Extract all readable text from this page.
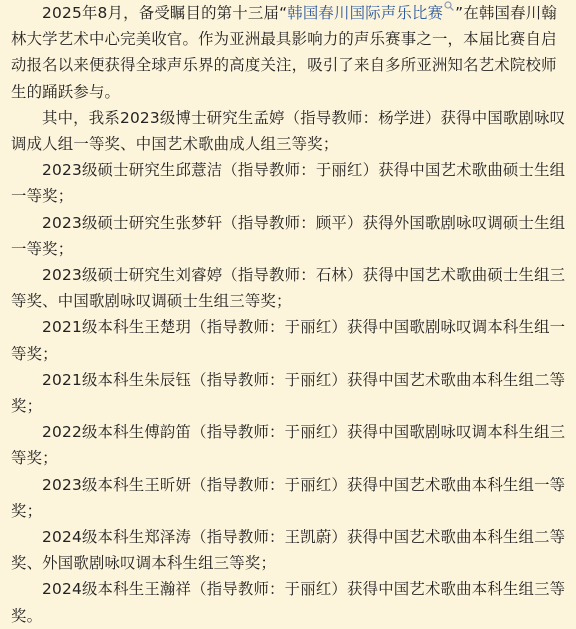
2025年8月，备受瞩目的第十三届“韩国春川国际声乐比赛 ”在韩国春川翰林大学艺术中心完美收官。作为亚洲最具影响力的声乐赛事之一，本届比赛自启动报名以来便获得全球声乐界的高度关注，吸引了来自多所亚洲知名艺术院校师生的踊跃参与。

其中，我系2023级博士研究生孟婷（指导教师：杨学进）获得中国歌剧咏叹调成人组一等奖、中国艺术歌曲成人组三等奖；

2023级硕士研究生邱薏洁（指导教师：于丽红）获得中国艺术歌曲硕士生组一等奖；

2023级硕士研究生张梦轩（指导教师：顾平）获得外国歌剧咏叹调硕士生组一等奖；

2023级硕士研究生刘睿婷（指导教师：石林）获得中国艺术歌曲硕士生组三等奖、中国歌剧咏叹调硕士生组三等奖；

2021级本科生王楚玥（指导教师：于丽红）获得中国歌剧咏叹调本科生组一等奖；

2021级本科生朱辰钰（指导教师：于丽红）获得中国艺术歌曲本科生组二等奖；

2022级本科生傅韵笛（指导教师：于丽红）获得中国歌剧咏叹调本科生组三等奖；

2023级本科生王昕妍（指导教师：于丽红）获得中国艺术歌曲本科生组一等奖；

2024级本科生郑泽涛（指导教师：王凯蔚）获得中国艺术歌曲本科生组二等奖、外国歌剧咏叹调本科生组三等奖；

2024级本科生王瀚祥（指导教师：于丽红）获得中国艺术歌曲本科生组三等奖。
